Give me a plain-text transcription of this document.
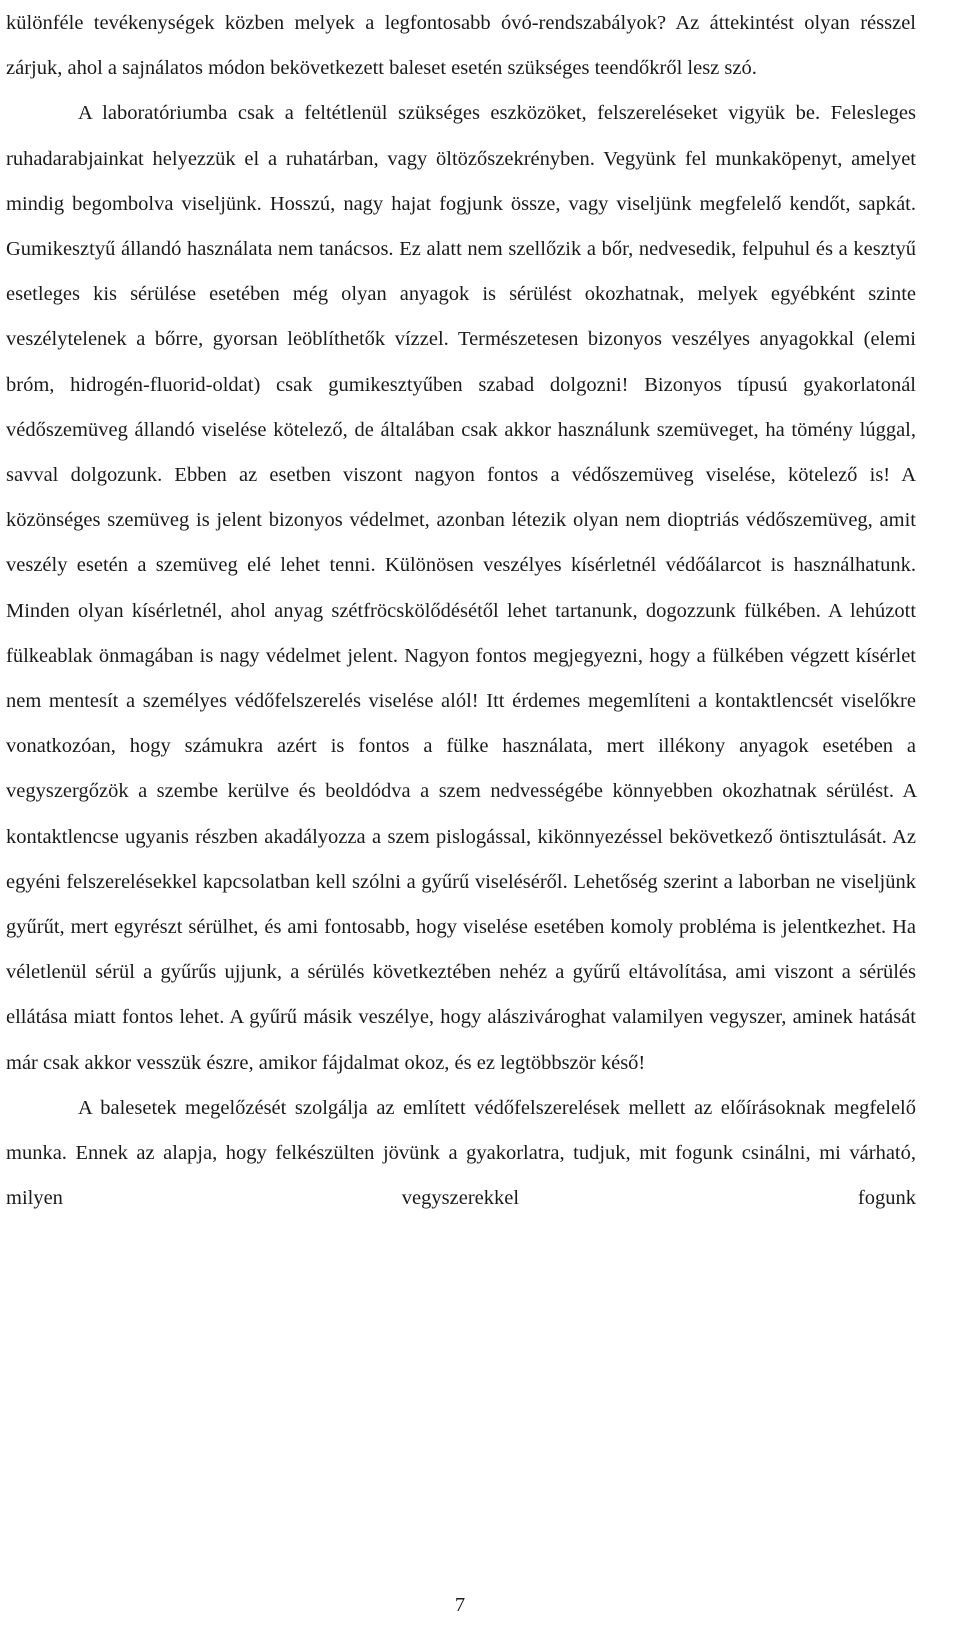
különféle tevékenységek közben melyek a legfontosabb óvó-rendszabályok? Az áttekintést olyan résszel zárjuk, ahol a sajnálatos módon bekövetkezett baleset esetén szükséges teendőkről lesz szó.

A laboratóriumba csak a feltétlenül szükséges eszközöket, felszereléseket vigyük be. Felesleges ruhadarabjainkat helyezzük el a ruhatárban, vagy öltözőszekrényben. Vegyünk fel munkaköpenyt, amelyet mindig begombolva viseljünk. Hosszú, nagy hajat fogjunk össze, vagy viseljünk megfelelő kendőt, sapkát. Gumikesztyű állandó használata nem tanácsos. Ez alatt nem szellőzik a bőr, nedvesedik, felpuhul és a kesztyű esetleges kis sérülése esetében még olyan anyagok is sérülést okozhatnak, melyek egyébként szinte veszélytelenek a bőrre, gyorsan leöblíthetők vízzel. Természetesen bizonyos veszélyes anyagokkal (elemi bróm, hidrogén-fluorid-oldat) csak gumikesztyűben szabad dolgozni! Bizonyos típusú gyakorlatonál védőszemüveg állandó viselése kötelező, de általában csak akkor használunk szemüveget, ha tömény lúggal, savval dolgozunk. Ebben az esetben viszont nagyon fontos a védőszemüveg viselése, kötelező is! A közönséges szemüveg is jelent bizonyos védelmet, azonban létezik olyan nem dioptriás védőszemüveg, amit veszély esetén a szemüveg elé lehet tenni. Különösen veszélyes kísérletnél védőálarcot is használhatunk. Minden olyan kísérletnél, ahol anyag szétfröcskölődésétől lehet tartanunk, dogozzunk fülkében. A lehúzott fülkeablak önmagában is nagy védelmet jelent. Nagyon fontos megjegyezni, hogy a fülkében végzett kísérlet nem mentesít a személyes védőfelszerelés viselése alól! Itt érdemes megemlíteni a kontaktlencsét viselőkre vonatkozóan, hogy számukra azért is fontos a fülke használata, mert illékony anyagok esetében a vegyszergőzök a szembe kerülve és beoldódva a szem nedvességébe könnyebben okozhatnak sérülést. A kontaktlencse ugyanis részben akadályozza a szem pislogással, kikönnyezéssel bekövetkező öntisztulását. Az egyéni felszerelésekkel kapcsolatban kell szólni a gyűrű viseléséről. Lehetőség szerint a laborban ne viseljünk gyűrűt, mert egyrészt sérülhet, és ami fontosabb, hogy viselése esetében komoly probléma is jelentkezhet. Ha véletlenül sérül a gyűrűs ujjunk, a sérülés következtében nehéz a gyűrű eltávolítása, ami viszont a sérülés ellátása miatt fontos lehet. A gyűrű másik veszélye, hogy alászivároghat valamilyen vegyszer, aminek hatását már csak akkor vesszük észre, amikor fájdalmat okoz, és ez legtöbbször késő!

A balesetek megelőzését szolgálja az említett védőfelszerelések mellett az előírásoknak megfelelő munka. Ennek az alapja, hogy felkészülten jövünk a gyakorlatra, tudjuk, mit fogunk csinálni, mi várható, milyen vegyszerekkel fogunk

7
